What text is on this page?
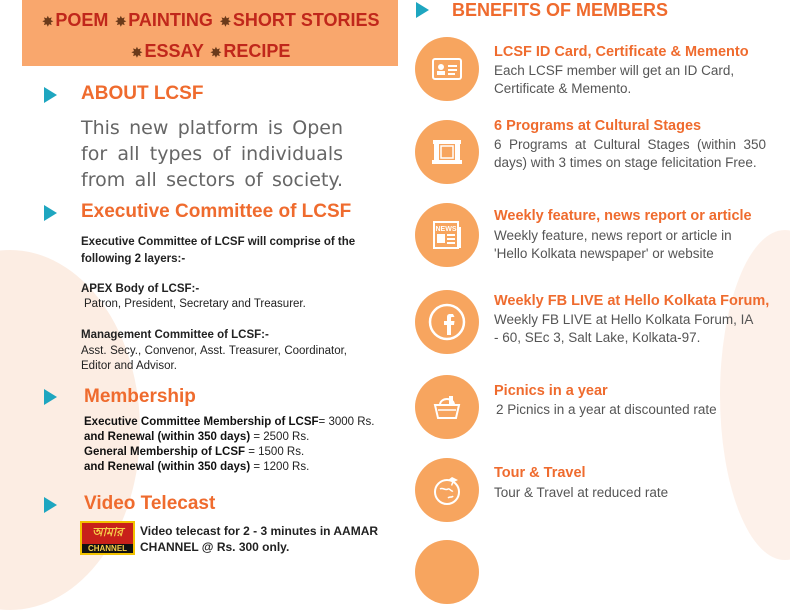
✸ POEM ✸ PAINTING ✸ SHORT STORIES
✸ ESSAY ✸ RECIPE
ABOUT LCSF
This new platform is Open for all types of individuals from all sectors of society.
Executive Committee of LCSF
Executive Committee of LCSF will comprise of the following 2 layers:-
APEX Body of LCSF:-
Patron, President, Secretary and Treasurer.
Management Committee of LCSF:-
Asst. Secy., Convenor, Asst. Treasurer, Coordinator, Editor and Advisor.
Membership
Executive Committee Membership of LCSF= 3000 Rs.
and Renewal (within 350 days) = 2500 Rs.
General Membership of LCSF = 1500 Rs.
and Renewal (within 350 days) = 1200 Rs.
Video Telecast
আমার
CHANNEL
Video telecast for 2 - 3 minutes in AAMAR CHANNEL @ Rs. 300 only.
BENEFITS OF MEMBERS
LCSF ID Card, Certificate & Memento
Each LCSF member will get an ID Card, Certificate & Memento.
6 Programs at Cultural Stages
6 Programs at Cultural Stages (within 350 days) with 3 times on stage felicitation Free.
NEWS
Weekly feature, news report or article
Weekly feature, news report or article in 'Hello Kolkata newspaper' or website
Weekly FB LIVE at Hello Kolkata Forum,
Weekly FB LIVE at Hello Kolkata Forum, IA - 60, SEc 3, Salt Lake, Kolkata-97.
Picnics in a year
2 Picnics in a year at discounted rate
Tour & Travel
Tour & Travel at reduced rate
